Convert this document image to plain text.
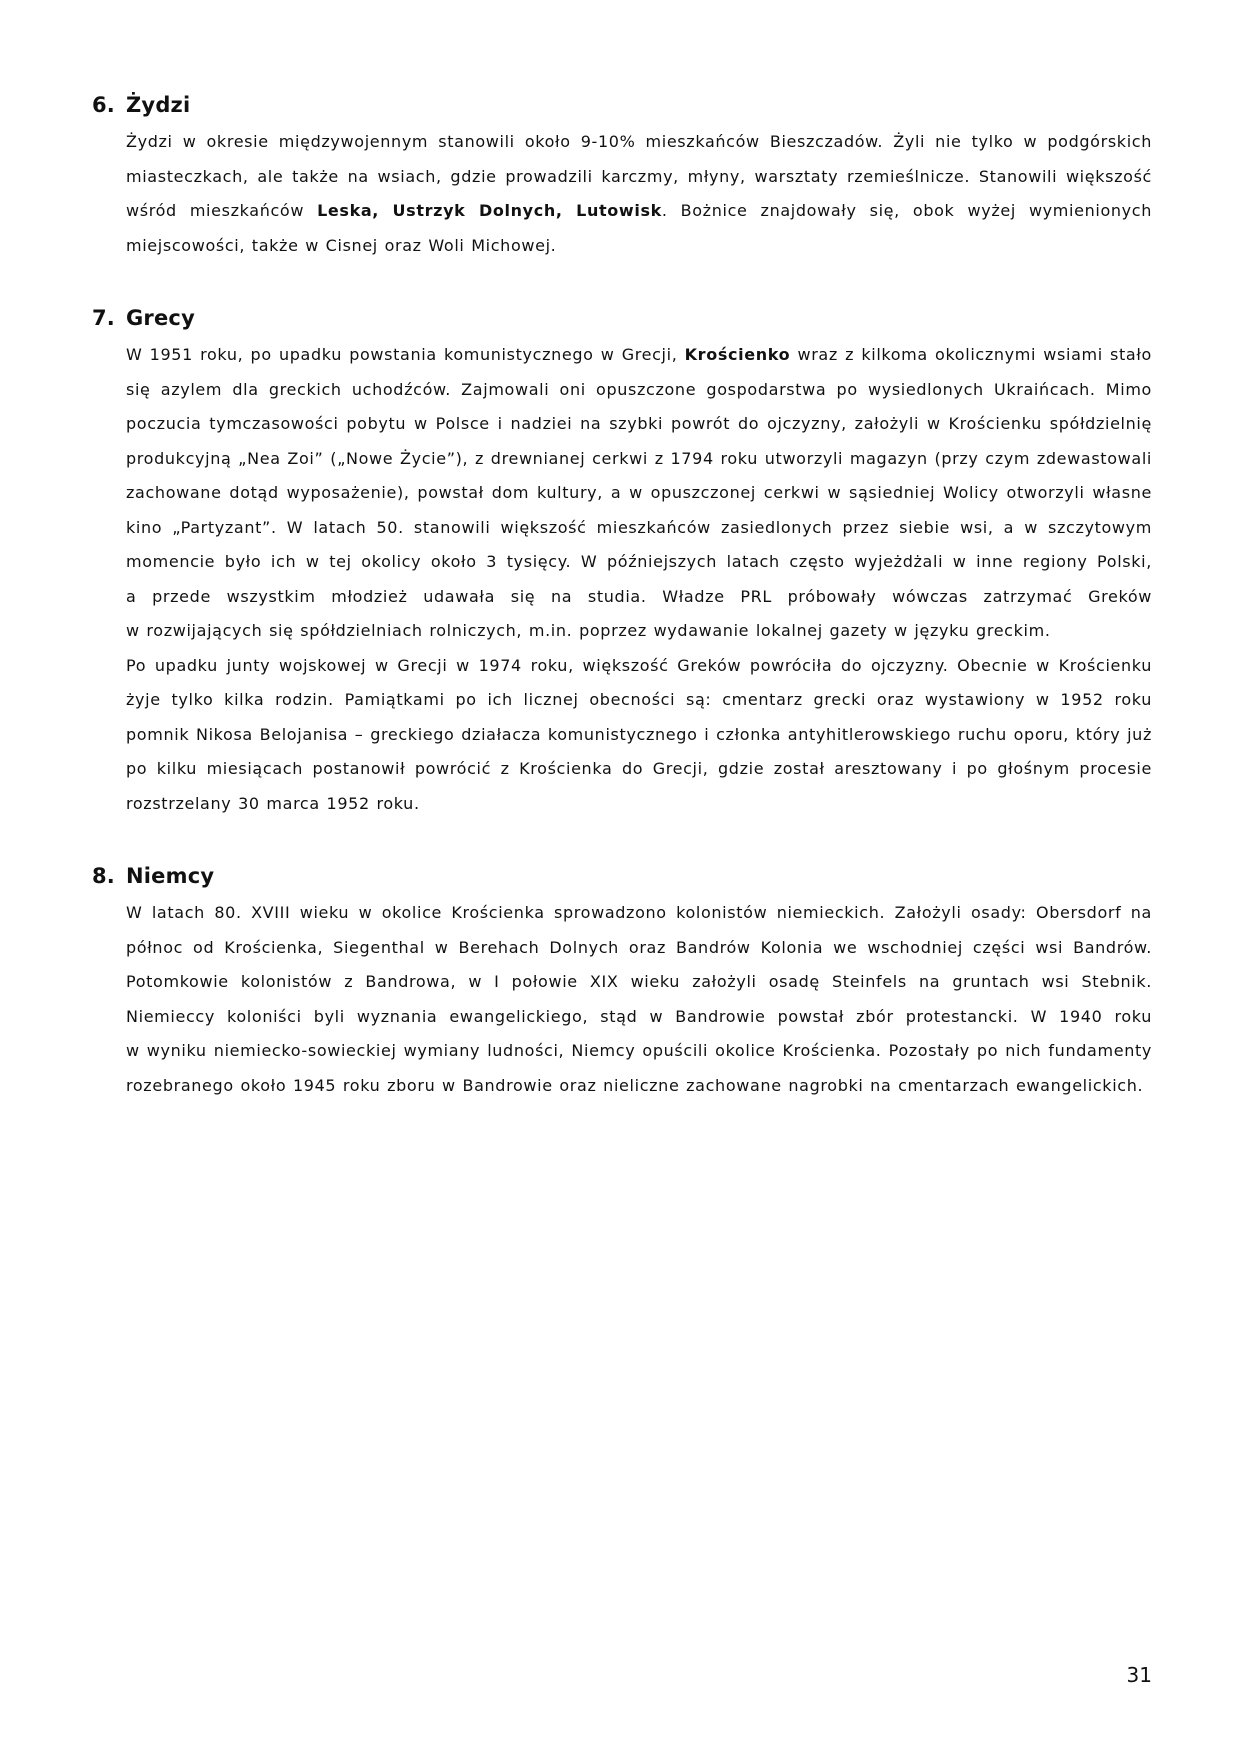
6. Żydzi
Żydzi w okresie międzywojennym stanowili około 9-10% mieszkańców Bieszczadów. Żyli nie tylko w podgórskich miasteczkach, ale także na wsiach, gdzie prowadzili karczmy, młyny, warsztaty rzemieślnicze. Stanowili większość wśród mieszkańców Leska, Ustrzyk Dolnych, Lutowisk. Bożnice znajdowały się, obok wyżej wymienionych miejscowości, także w Cisnej oraz Woli Michowej.
7. Grecy
W 1951 roku, po upadku powstania komunistycznego w Grecji, Krościenko wraz z kilkoma okolicznymi wsiami stało się azylem dla greckich uchodźców. Zajmowali oni opuszczone gospodarstwa po wysiedlonych Ukraińcach. Mimo poczucia tymczasowości pobytu w Polsce i nadziei na szybki powrót do ojczyzny, założyli w Krościenku spółdzielnię produkcyjną „Nea Zoi” („Nowe Życie”), z drewnianej cerkwi z 1794 roku utworzyli magazyn (przy czym zdewastowali zachowane dotąd wyposażenie), powstał dom kultury, a w opuszczonej cerkwi w sąsiedniej Wolicy otworzyli własne kino „Partyzant”. W latach 50. stanowili większość mieszkańców zasiedlonych przez siebie wsi, a w szczytowym momencie było ich w tej okolicy około 3 tysięcy. W późniejszych latach często wyjeżdżali w inne regiony Polski, a przede wszystkim młodzież udawała się na studia. Władze PRL próbowały wówczas zatrzymać Greków w rozwijających się spółdzielniach rolniczych, m.in. poprzez wydawanie lokalnej gazety w języku greckim.
Po upadku junty wojskowej w Grecji w 1974 roku, większość Greków powróciła do ojczyzny. Obecnie w Krościenku żyje tylko kilka rodzin. Pamiątkami po ich licznej obecności są: cmentarz grecki oraz wystawiony w 1952 roku pomnik Nikosa Belojanisa – greckiego działacza komunistycznego i członka antyhitlerowskiego ruchu oporu, który już po kilku miesiącach postanowił powrócić z Krościenka do Grecji, gdzie został aresztowany i po głośnym procesie rozstrzelany 30 marca 1952 roku.
8. Niemcy
W latach 80. XVIII wieku w okolice Krościenka sprowadzono kolonistów niemieckich. Założyli osady: Obersdorf na północ od Krościenka, Siegenthal w Berehach Dolnych oraz Bandrów Kolonia we wschodniej części wsi Bandrów. Potomkowie kolonistów z Bandrowa, w I połowie XIX wieku założyli osadę Steinfels na gruntach wsi Stebnik. Niemieccy koloniści byli wyznania ewangelickiego, stąd w Bandrowie powstał zbór protestancki. W 1940 roku w wyniku niemiecko-sowieckiej wymiany ludności, Niemcy opuścili okolice Krościenka. Pozostały po nich fundamenty rozebranego około 1945 roku zboru w Bandrowie oraz nieliczne zachowane nagrobki na cmentarzach ewangelickich.
31
